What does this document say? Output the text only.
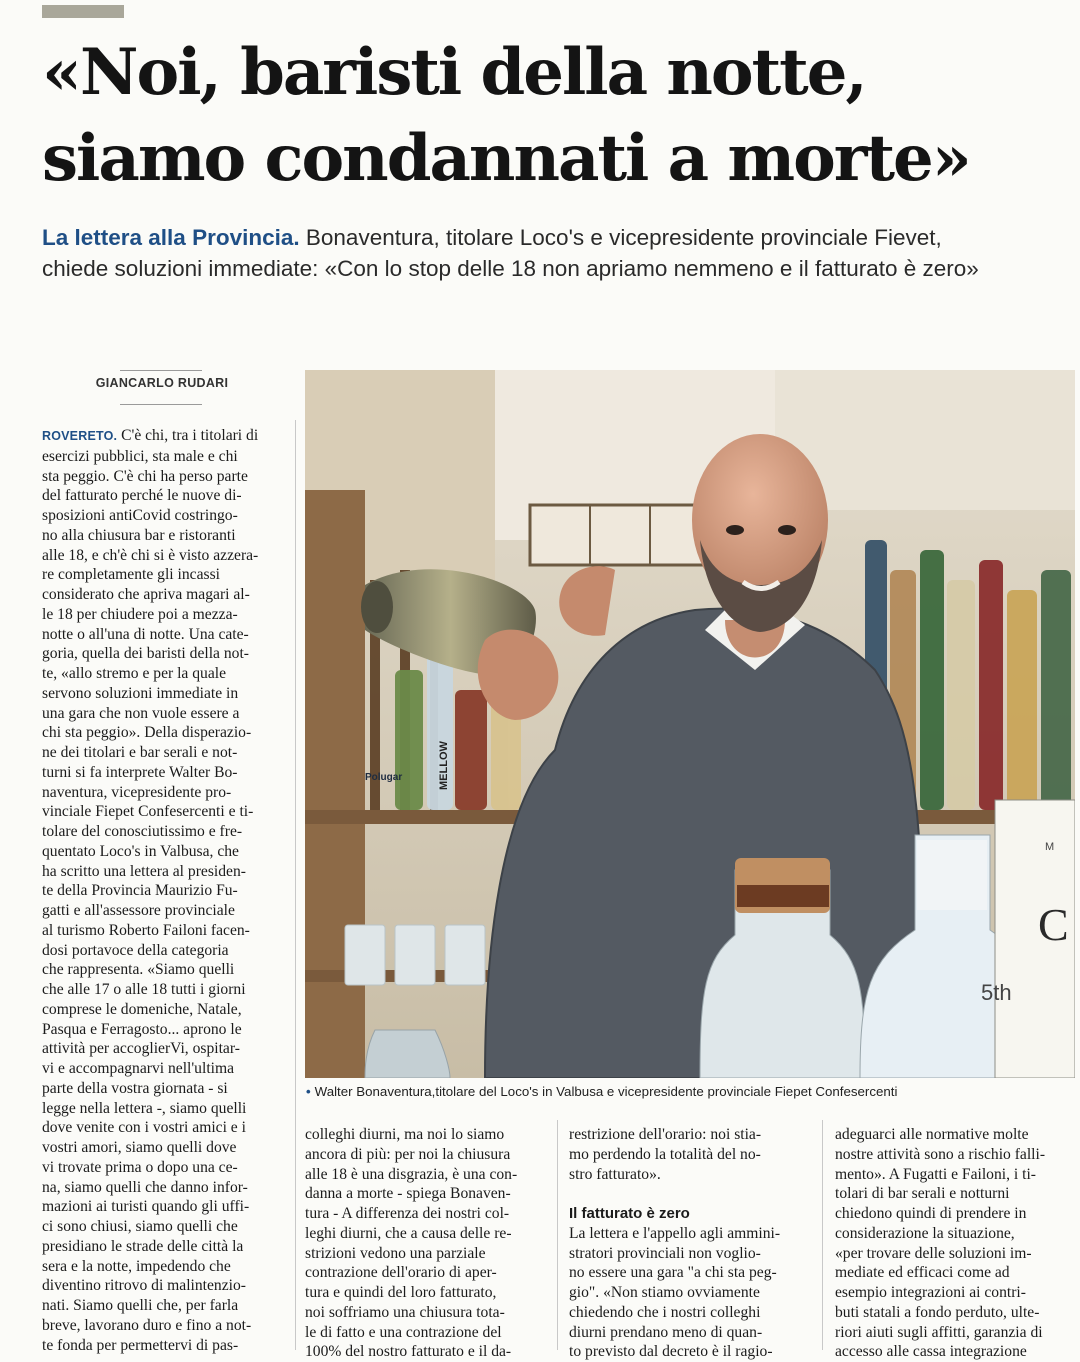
«Noi, baristi della notte,
siamo condannati a morte»
La lettera alla Provincia. Bonaventura, titolare Loco's e vicepresidente provinciale Fievet,
chiede soluzioni immediate: «Con lo stop delle 18 non apriamo nemmeno e il fatturato è zero»
GIANCARLO RUDARI
ROVERETO. C'è chi, tra i titolari di
esercizi pubblici, sta male e chi
sta peggio. C'è chi ha perso parte
del fatturato perché le nuove di-
sposizioni antiCovid costringo-
no alla chiusura bar e ristoranti
alle 18, e ch'è chi si è visto azzera-
re completamente gli incassi
considerato che apriva magari al-
le 18 per chiudere poi a mezza-
notte o all'una di notte. Una cate-
goria, quella dei baristi della not-
te, «allo stremo e per la quale
servono soluzioni immediate in
una gara che non vuole essere a
chi sta peggio». Della disperazio-
ne dei titolari e bar serali e not-
turni si fa interprete Walter Bo-
naventura, vicepresidente pro-
vinciale Fiepet Confesercenti e ti-
tolare del conosciutissimo e fre-
quentato Loco's in Valbusa, che
ha scritto una lettera al presiden-
te della Provincia Maurizio Fu-
gatti e all'assessore provinciale
al turismo Roberto Failoni facen-
dosi portavoce della categoria
che rappresenta. «Siamo quelli
che alle 17 o alle 18 tutti i giorni
comprese le domeniche, Natale,
Pasqua e Ferragosto... aprono le
attività per accoglierVi, ospitar-
vi e accompagnarvi nell'ultima
parte della vostra giornata - si
legge nella lettera -, siamo quelli
dove venite con i vostri amici e i
vostri amori, siamo quelli dove
vi trovate prima o dopo una ce-
na, siamo quelli che danno infor-
mazioni ai turisti quando gli uffi-
ci sono chiusi, siamo quelli che
presidiano le strade delle città la
sera e la notte, impedendo che
diventino ritrovo di malintenzio-
nati. Siamo quelli che, per farla
breve, lavorano duro e fino a not-
te fonda per permettervi di pas-
Polugar	MELLOW
5th
M
C
• Walter Bonaventura,titolare del Loco's in Valbusa e vicepresidente provinciale Fiepet Confesercenti
colleghi diurni, ma noi lo siamo
ancora di più: per noi la chiusura
alle 18 è una disgrazia, è una con-
danna a morte - spiega Bonaven-
tura - A differenza dei nostri col-
leghi diurni, che a causa delle re-
strizioni vedono una parziale
contrazione dell'orario di aper-
tura e quindi del loro fatturato,
noi soffriamo una chiusura tota-
le di fatto e una contrazione del
100% del nostro fatturato e il da-
restrizione dell'orario: noi stia-
mo perdendo la totalità del no-
stro fatturato».
Il fatturato è zero
La lettera e l'appello agli ammini-
stratori provinciali non voglio-
no essere una gara "a chi sta peg-
gio". «Non stiamo ovviamente
chiedendo che i nostri colleghi
diurni prendano meno di quan-
to previsto dal decreto è il ragio-
adeguarci alle normative molte
nostre attività sono a rischio falli-
mento». A Fugatti e Failoni, i ti-
tolari di bar serali e notturni
chiedono quindi di prendere in
considerazione la situazione,
«per trovare delle soluzioni im-
mediate ed efficaci come ad
esempio integrazioni ai contri-
buti statali a fondo perduto, ulte-
riori aiuti sugli affitti, garanzia di
accesso alle cassa integrazione
